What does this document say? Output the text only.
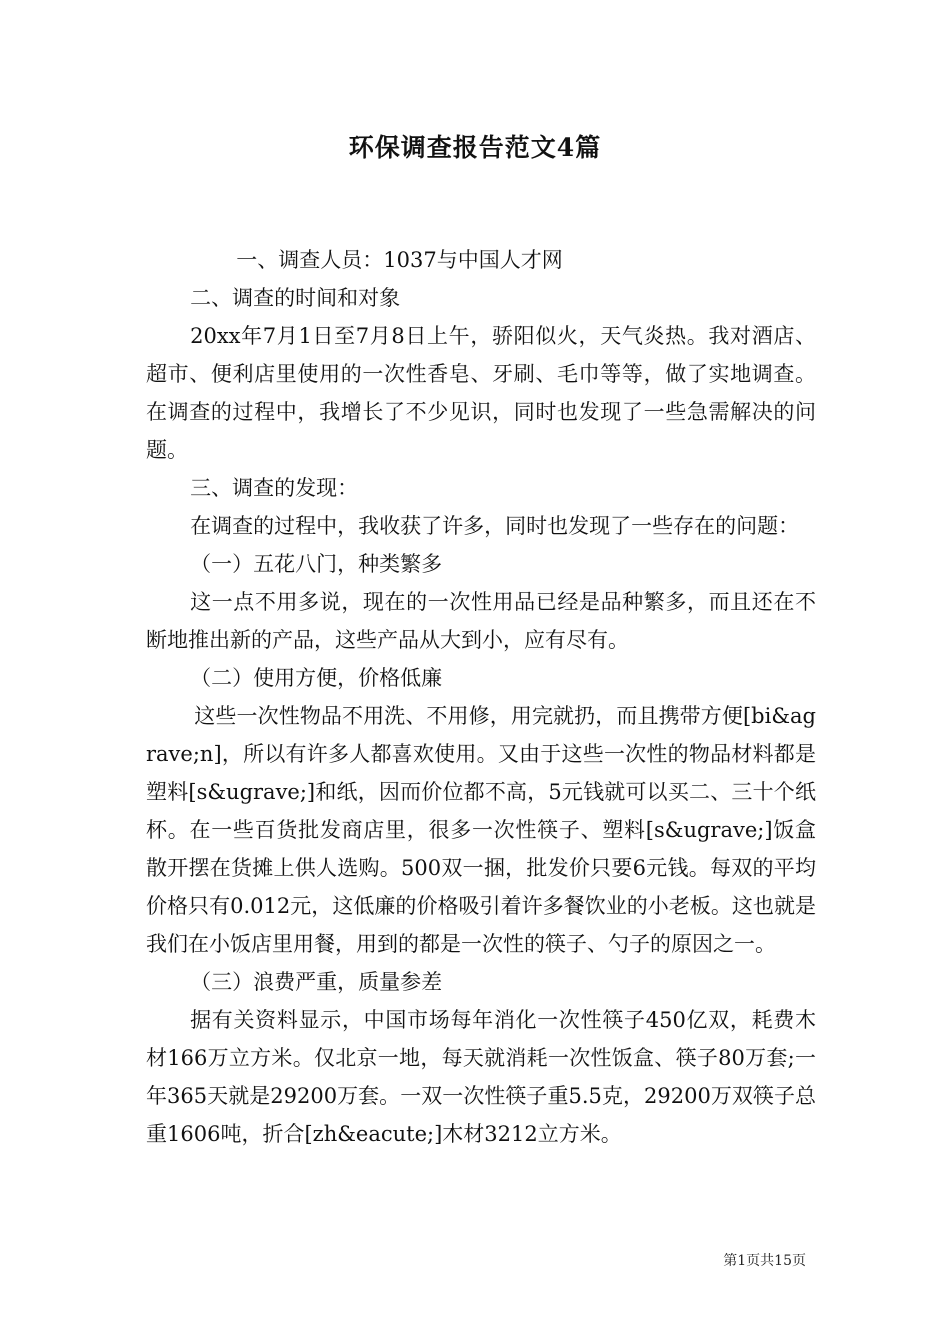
环保调查报告范文4篇

一、调查人员：1037与中国人才网

二、调查的时间和对象

20xx年7月1日至7月8日上午，骄阳似火，天气炎热。我对酒店、超市、便利店里使用的一次性香皂、牙刷、毛巾等等，做了实地调查。在调查的过程中，我增长了不少见识，同时也发现了一些急需解决的问题。

三、调查的发现：

在调查的过程中，我收获了许多，同时也发现了一些存在的问题：

（一）五花八门，种类繁多

这一点不用多说，现在的一次性用品已经是品种繁多，而且还在不断地推出新的产品，这些产品从大到小，应有尽有。

（二）使用方便，价格低廉

这些一次性物品不用洗、不用修，用完就扔，而且携带方便[bi&agrave;n]，所以有许多人都喜欢使用。又由于这些一次性的物品材料都是塑料[s&ugrave;]和纸，因而价位都不高，5元钱就可以买二、三十个纸杯。在一些百货批发商店里，很多一次性筷子、塑料[s&ugrave;]饭盒散开摆在货摊上供人选购。500双一捆，批发价只要6元钱。每双的平均价格只有0.012元，这低廉的价格吸引着许多餐饮业的小老板。这也就是我们在小饭店里用餐，用到的都是一次性的筷子、勺子的原因之一。

（三）浪费严重，质量参差

据有关资料显示，中国市场每年消化一次性筷子450亿双，耗费木材166万立方米。仅北京一地，每天就消耗一次性饭盒、筷子80万套;一年365天就是29200万套。一双一次性筷子重5.5克，29200万双筷子总重1606吨，折合[zh&eacute;]木材3212立方米。

第1页共15页
